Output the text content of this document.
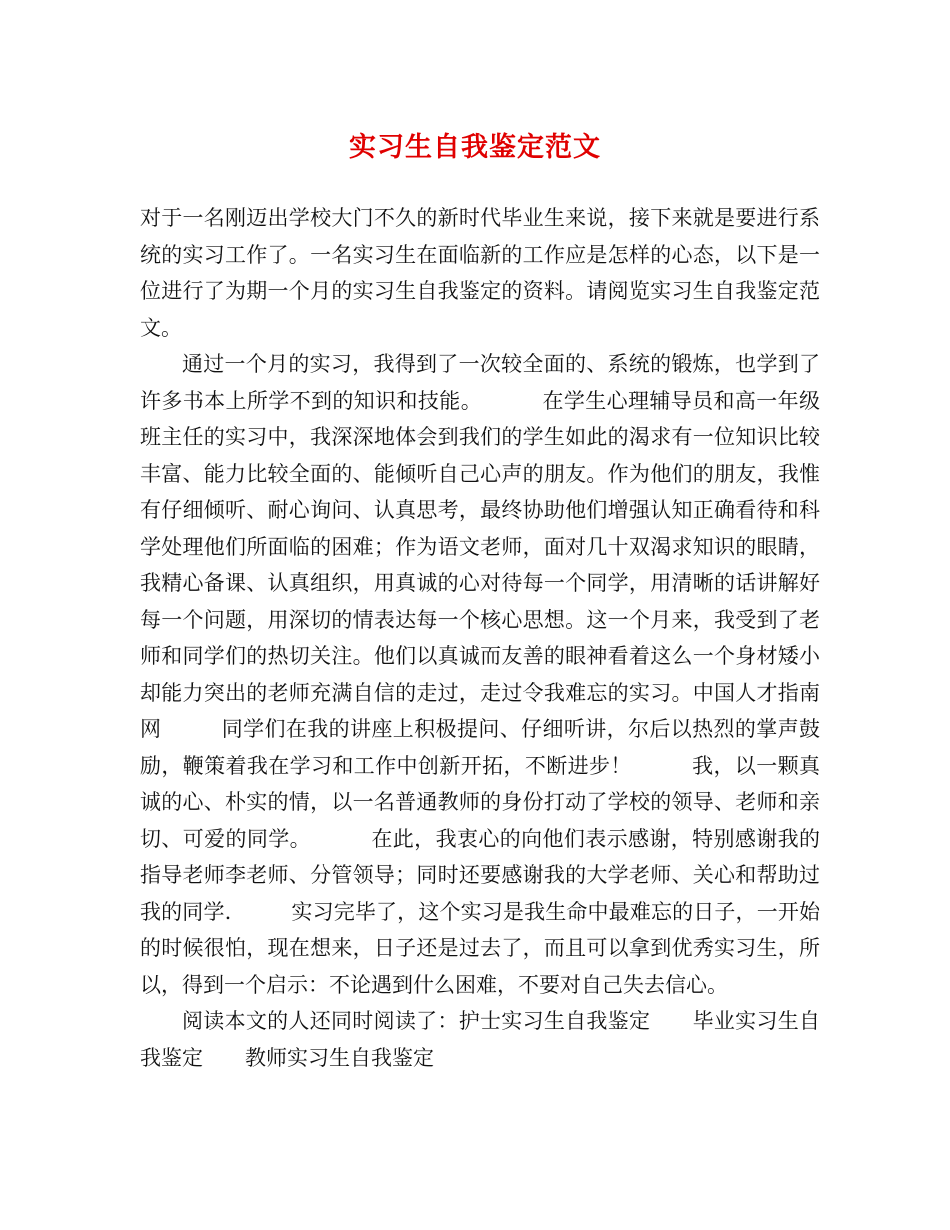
实习生自我鉴定范文

对于一名刚迈出学校大门不久的新时代毕业生来说，接下来就是要进行系统的实习工作了。一名实习生在面临新的工作应是怎样的心态，以下是一位进行了为期一个月的实习生自我鉴定的资料。请阅览实习生自我鉴定范文。

通过一个月的实习，我得到了一次较全面的、系统的锻炼，也学到了许多书本上所学不到的知识和技能。	在学生心理辅导员和高一年级班主任的实习中，我深深地体会到我们的学生如此的渴求有一位知识比较丰富、能力比较全面的、能倾听自己心声的朋友。作为他们的朋友，我惟有仔细倾听、耐心询问、认真思考，最终协助他们增强认知正确看待和科学处理他们所面临的困难；作为语文老师，面对几十双渴求知识的眼睛，我精心备课、认真组织，用真诚的心对待每一个同学，用清晰的话讲解好每一个问题，用深切的情表达每一个核心思想。这一个月来，我受到了老师和同学们的热切关注。他们以真诚而友善的眼神看着这么一个身材矮小却能力突出的老师充满自信的走过，走过令我难忘的实习。中国人才指南网	同学们在我的讲座上积极提问、仔细听讲，尔后以热烈的掌声鼓励，鞭策着我在学习和工作中创新开拓，不断进步！	我，以一颗真诚的心、朴实的情，以一名普通教师的身份打动了学校的领导、老师和亲切、可爱的同学。	在此，我衷心的向他们表示感谢，特别感谢我的指导老师李老师、分管领导；同时还要感谢我的大学老师、关心和帮助过我的同学.	实习完毕了，这个实习是我生命中最难忘的日子，一开始的时候很怕，现在想来，日子还是过去了，而且可以拿到优秀实习生，所以，得到一个启示：不论遇到什么困难，不要对自己失去信心。

阅读本文的人还同时阅读了：护士实习生自我鉴定 毕业实习生自我鉴定 教师实习生自我鉴定
